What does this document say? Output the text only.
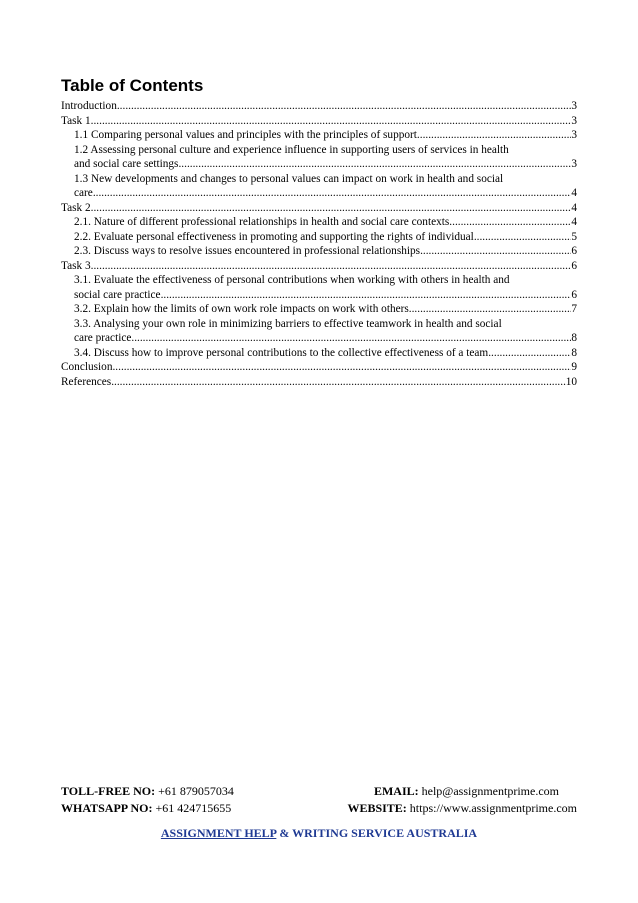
Table of Contents
Introduction .....	3
Task 1 .....	3
1.1 Comparing personal values and principles with the principles of support .....	3
1.2 Assessing personal culture and experience influence in supporting users of services in health
and social care settings .....	3
1.3 New developments and changes to personal values can impact on work in health and social
care .....	4
Task 2 .....	4
2.1. Nature of different professional relationships in health and social care contexts .....	4
2.2. Evaluate personal effectiveness in promoting and supporting the rights of individual .....	5
2.3. Discuss ways to resolve issues encountered in professional relationships .....	6
Task 3 .....	6
3.1. Evaluate the effectiveness of personal contributions when working with others in health and
social care practice .....	6
3.2. Explain how the limits of own work role impacts on work with others .....	7
3.3. Analysing your own role in minimizing barriers to effective teamwork in health and social
care practice. .....	8
3.4. Discuss how to improve personal contributions to the collective effectiveness of a team .....	8
Conclusion .....	9
References .....	10
TOLL-FREE NO: +61 879057034	EMAIL: help@assignmentprime.com
WHATSAPP NO: +61 424715655	WEBSITE: https://www.assignmentprime.com
ASSIGNMENT HELP & WRITING SERVICE AUSTRALIA
